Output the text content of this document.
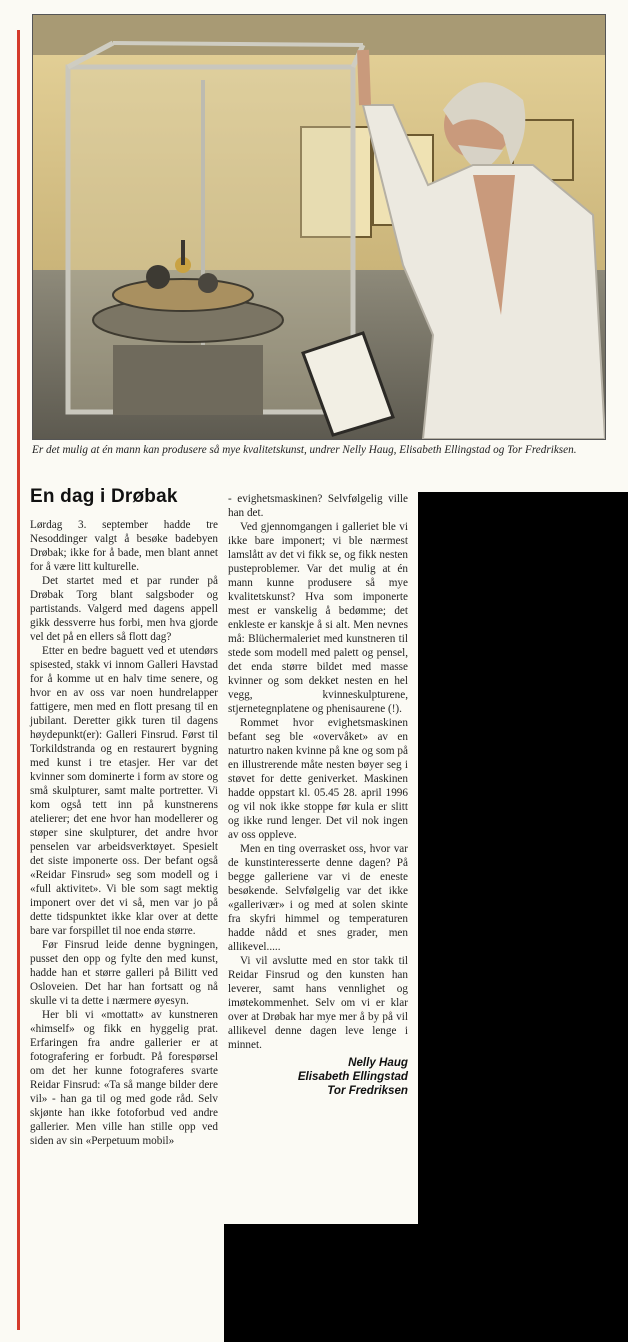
Er det mulig at én mann kan produsere så mye kvalitetskunst, undrer Nelly Haug, Elisabeth Ellingstad og Tor Fredriksen.
En dag i Drøbak

Lørdag 3. september hadde tre Nesoddinger valgt å besøke badebyen Drøbak; ikke for å bade, men blant annet for å være litt kulturelle.

Det startet med et par runder på Drøbak Torg blant salgsboder og partistands. Valgerd med dagens appell gikk dessverre hus forbi, men hva gjorde vel det på en ellers så flott dag?

Etter en bedre baguett ved et utendørs spisested, stakk vi innom Galleri Havstad for å komme ut en halv time senere, og hvor en av oss var noen hundrelapper fattigere, men med en flott presang til en jubilant. Deretter gikk turen til dagens høydepunkt(er): Galleri Finsrud. Først til Torkildstranda og en restaurert bygning med kunst i tre etasjer. Her var det kvinner som dominerte i form av store og små skulpturer, samt malte portretter. Vi kom også tett inn på kunstnerens atelierer; det ene hvor han modellerer og støper sine skulpturer, det andre hvor penselen var arbeidsverktøyet. Spesielt det siste imponerte oss. Der befant også «Reidar Finsrud» seg som modell og i «full aktivitet». Vi ble som sagt mektig imponert over det vi så, men var jo på dette tidspunktet ikke klar over at dette bare var forspillet til noe enda større.

Før Finsrud leide denne bygningen, pusset den opp og fylte den med kunst, hadde han et større galleri på Bilitt ved Osloveien. Det har han fortsatt og nå skulle vi ta dette i nærmere øyesyn.

Her bli vi «mottatt» av kunstneren «himself» og fikk en hyggelig prat. Erfaringen fra andre gallerier er at fotografering er forbudt. På forespørsel om det her kunne fotograferes svarte Reidar Finsrud: «Ta så mange bilder dere vil» - han ga til og med gode råd. Selv skjønte han ikke fotoforbud ved andre gallerier. Men ville han stille opp ved siden av sin «Perpetuum mobil»

- evighetsmaskinen? Selvfølgelig ville han det.

Ved gjennomgangen i galleriet ble vi ikke bare imponert; vi ble nærmest lamslått av det vi fikk se, og fikk nesten pusteproblemer. Var det mulig at én mann kunne produsere så mye kvalitetskunst? Hva som imponerte mest er vanskelig å bedømme; det enkleste er kanskje å si alt. Men nevnes må: Blüchermaleriet med kunstneren til stede som modell med palett og pensel, det enda større bildet med masse kvinner og som dekket nesten en hel vegg, kvinneskulpturene, stjernetegnplatene og phenisaurene (!).

Rommet hvor evighetsmaskinen befant seg ble «overvåket» av en naturtro naken kvinne på kne og som på en illustrerende måte nesten bøyer seg i støvet for dette geniverket. Maskinen hadde oppstart kl. 05.45 28. april 1996 og vil nok ikke stoppe før kula er slitt og ikke rund lenger. Det vil nok ingen av oss oppleve.

Men en ting overrasket oss, hvor var de kunstinteresserte denne dagen? På begge galleriene var vi de eneste besøkende. Selvfølgelig var det ikke «gallerivær» i og med at solen skinte fra skyfri himmel og temperaturen hadde nådd et snes grader, men allikevel.....

Vi vil avslutte med en stor takk til Reidar Finsrud og den kunsten han leverer, samt hans vennlighet og imøtekommenhet. Selv om vi er klar over at Drøbak har mye mer å by på vil allikevel denne dagen leve lenge i minnet.

Nelly Haug
Elisabeth Ellingstad
Tor Fredriksen
